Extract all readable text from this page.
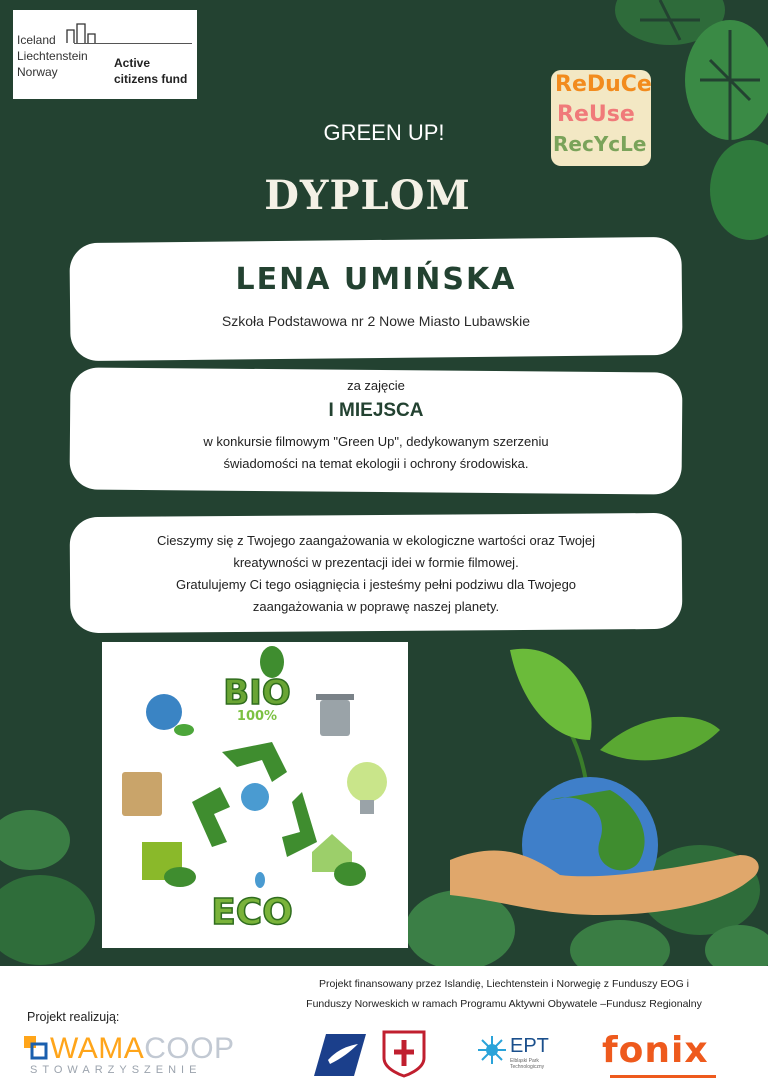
Iceland
Liechtenstein
Norway
Active
citizens fund	ReDuCe
ReUse
RecYcLe
GREEN UP!
DYPLOM
LENA UMIŃSKA
Szkoła Podstawowa nr 2 Nowe Miasto Lubawskie
za zajęcie
I MIEJSCA
w konkursie filmowym "Green Up", dedykowanym szerzeniu
świadomości na temat ekologii i ochrony środowiska.
Cieszymy się z Twojego zaangażowania w ekologiczne wartości oraz Twojej
kreatywności w prezentacji idei w formie filmowej.
Gratulujemy Ci tego osiągnięcia i jesteśmy pełni podziwu dla Twojego
zaangażowania w poprawę naszej planety.
BIO
100%
ECO
Projekt finansowany przez Islandię, Liechtenstein i Norwegię z Funduszy EOG i
Funduszy Norweskich w ramach Programu Aktywni Obywatele –Fundusz Regionalny
Projekt realizują:
WAMACOOP
STOWARZYSZENIE
EPT
Elbląski Park Technologiczny	fonix
